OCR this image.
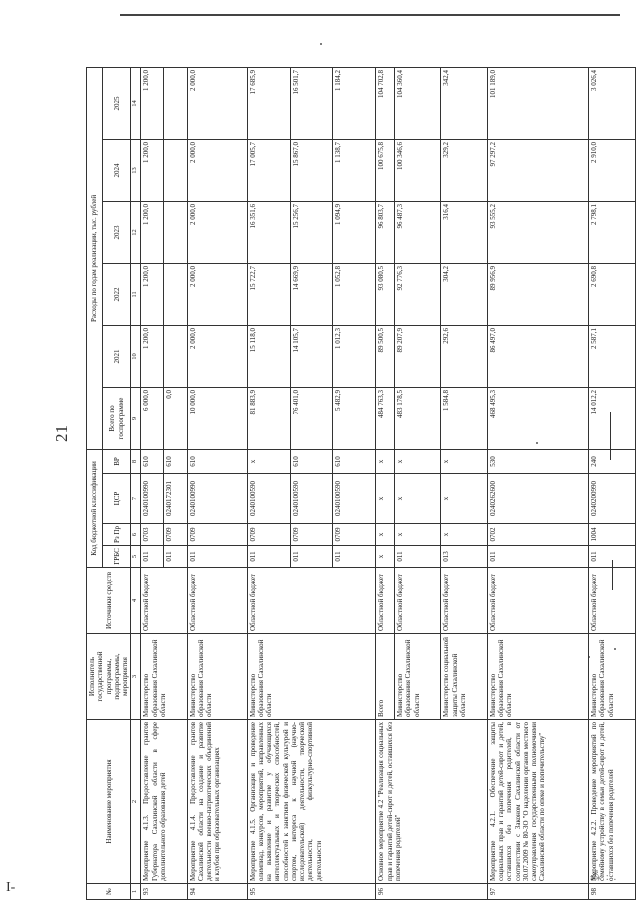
21
I-
⁂ : .
№	Наименование мероприятия	Исполнитель государственной программы, подпрограммы, мероприятия	Источники средств	Код бюджетной классификации				Расходы по годам реализации, тыс. рублей					
				ГРБС	Рз Пр	ЦСР	ВР	Всего по госпрограмме	2021	2022	2023	2024	2025
1	2	3	4	5	6	7	8	9	10	11	12	13	14
93	Мероприятие 4.1.3. Предоставление грантов Губернатора Сахалинской области в сфере дополнительного образования детей	Министерство образования Сахалинской области	Областной бюджет	011	0703	0240100990	610	6 000,0	1 200,0	1 200,0	1 200,0	1 200,0	1 200,0
				011	0709	0240172301	610	0,0					
94	Мероприятие 4.1.4. Предоставление грантов Сахалинской области на создание и развитие деятельности военно-патриотических объединений и клубов при образовательных организациях	Министерство образования Сахалинской области	Областной бюджет	011	0709	0240100990	610	10 000,0	2 000,0	2 000,0	2 000,0	2 000,0	2 000,0
95	Мероприятие 4.1.5. Организация и проведение олимпиад, конкурсов, мероприятий, направленных на выявление и развитие у обучающихся интеллектуальных и творческих способностей, способностей к занятиям физической культурой и спортом, интереса к научной (научно-исследовательской) деятельности, творческой деятельности, физкультурно-спортивной деятельности	Министерство образования Сахалинской области	Областной бюджет	011	0709	0240100590	x	81 883,9	15 118,0	15 722,7	16 351,6	17 005,7	17 685,9
				011	0709	0240100590	610	76 401,0	14 105,7	14 669,9	15 256,7	15 867,0	16 501,7
				011	0709	0240100590	610	5 482,9	1 012,3	1 052,8	1 094,9	1 138,7	1 184,2
96	Основное мероприятие 4.2 "Реализация социальных прав и гарантий детей-сирот и детей, оставшихся без попечения родителей"	Всего	Областной бюджет	x	x	x	x	484 763,3	89 500,5	93 080,5	96 803,7	100 675,8	104 702,8
		Министерство образования Сахалинской области	Областной бюджет	011	x	x	x	483 178,5	89 207,9	92 776,3	96 487,3	100 346,6	104 360,4
		Министерство социальной защиты Сахалинской области	Областной бюджет	013	x	x	x	1 584,8	292,6	304,2	316,4	329,2	342,4
97	Мероприятие 4.2.1. Обеспечение защиты социальных прав и гарантий детей-сирот и детей, оставшихся без попечения родителей, в соответствии с Законом Сахалинской области от 30.07.2009 № 80-ЗО "О наделении органов местного самоуправления государственными полномочиями Сахалинской области по опеке и попечительству"	Министерство образования Сахалинской области	Областной бюджет	011	0702	0240262600	530	468 495,3	86 497,0	89 956,9	93 555,2	97 297,2	101 189,0
98	Мероприятие 4.2.2. Проведение мероприятий по семейному устройству в семьи детей-сирот и детей, оставшихся без попечения родителей	Министерство образования Сахалинской области	Областной бюджет	011	1004	0240200990	240	14 012,2	2 587,1	2 690,8	2 798,1	2 910,0	3 026,4
